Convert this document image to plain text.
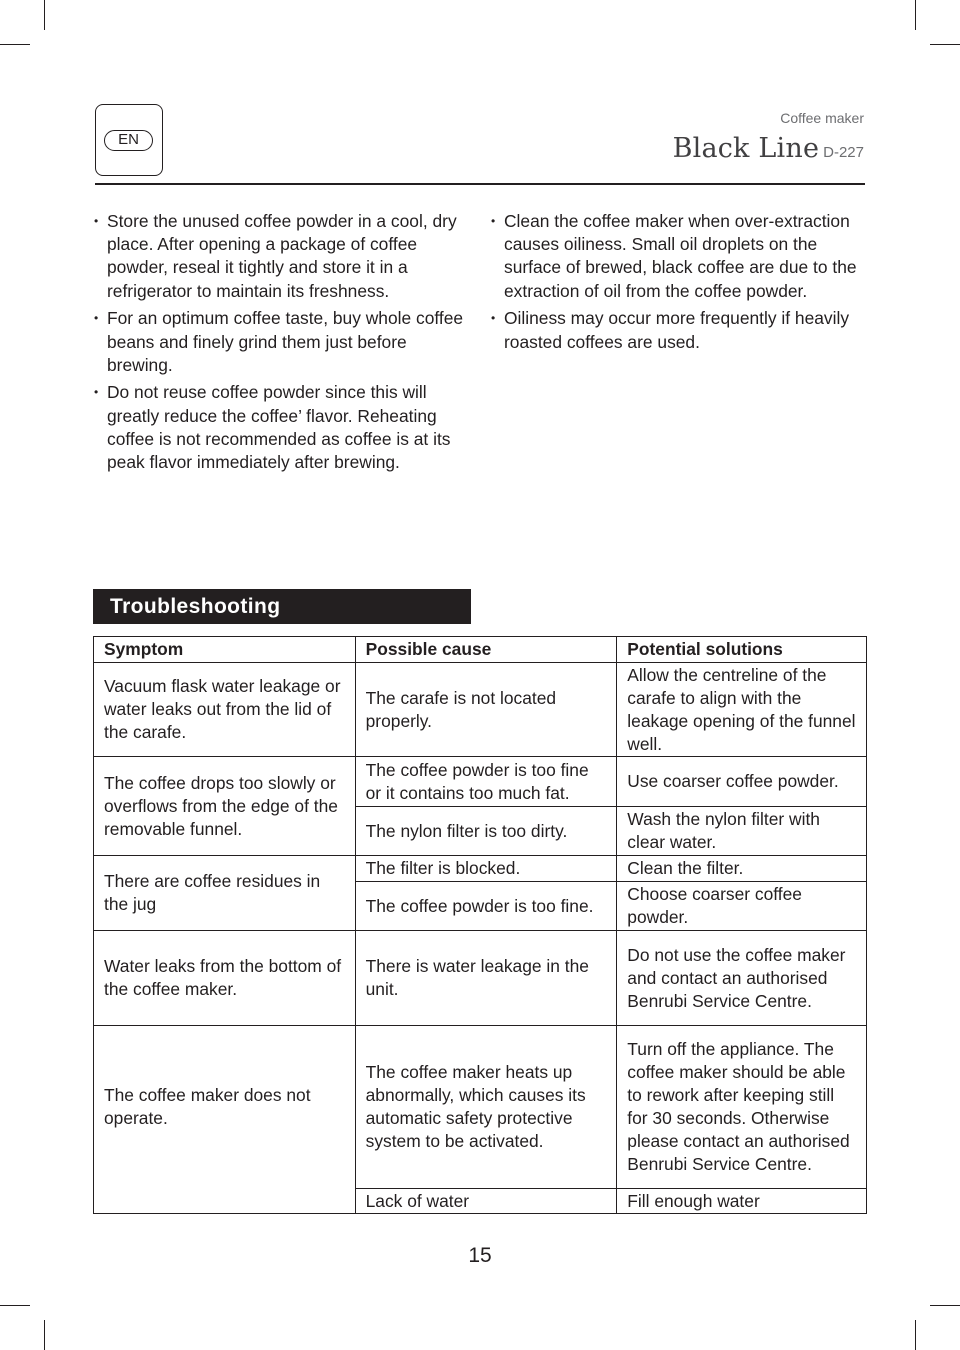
EN
Coffee maker
Black Line D-227
• Store the unused coffee powder in a cool, dry place. After opening a package of coffee powder, reseal it tightly and store it in a refrigerator to maintain its freshness.
• For an optimum coffee taste, buy whole coffee beans and finely grind them just before brewing.
• Do not reuse coffee powder since this will greatly reduce the coffee’ flavor. Reheating coffee is not recommended as coffee is at its peak flavor immediately after brewing.
• Clean the coffee maker when over-extraction causes oiliness. Small oil droplets on the surface of brewed, black coffee are due to the extraction of oil from the coffee powder.
• Oiliness may occur more frequently if heavily roasted coffees are used.
Troubleshooting
Symptom	Possible cause	Potential solutions
Vacuum flask water leakage or water leaks out from the lid of the carafe.	The carafe is not located properly.	Allow the centreline of the carafe to align with the leakage opening of the funnel well.
The coffee drops too slowly or overflows from the edge of the removable funnel.	The coffee powder is too fine or it contains too much fat.	Use coarser coffee powder.
	The nylon filter is too dirty.	Wash the nylon filter with clear water.
There are coffee residues in the jug	The filter is blocked.	Clean the filter.
	The coffee powder is too fine.	Choose coarser coffee powder.
Water leaks from the bottom of the coffee maker.	There is water leakage in the unit.	Do not use the coffee maker and contact an authorised Benrubi Service Centre.
The coffee maker does not operate.	The coffee maker heats up abnormally, which causes its automatic safety protective system to be activated.	Turn off the appliance. The coffee maker should be able to rework after keeping still for 30 seconds. Otherwise please contact an authorised Benrubi Service Centre.
	Lack of water	Fill enough water
15
